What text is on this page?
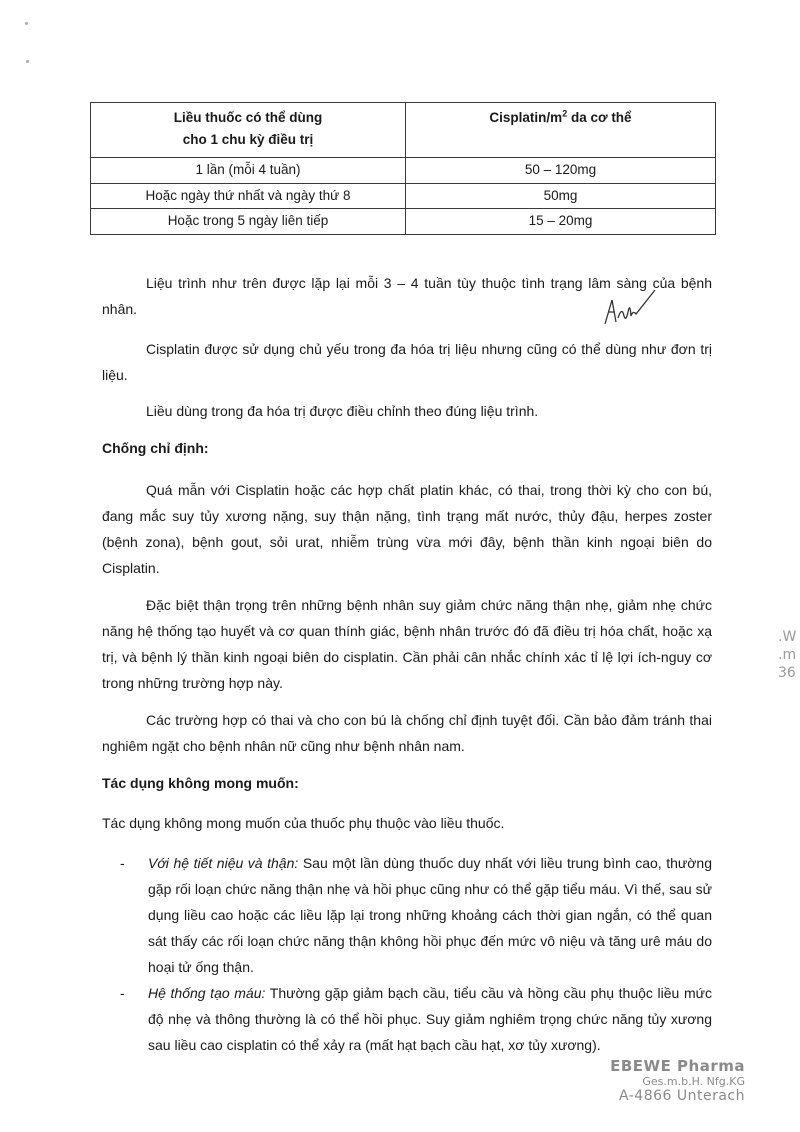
Liều thuốc có thể dùng
cho 1 chu kỳ điều trị	Cisplatin/$m^2$ da cơ thể
1 lần (mỗi 4 tuần)	50 – 120mg
Hoặc ngày thứ nhất và ngày thứ 8	50mg
Hoặc trong 5 ngày liên tiếp	15 – 20mg

Liệu trình như trên được lặp lại mỗi 3 – 4 tuần tùy thuộc tình trạng lâm sàng của bệnh nhân.

Cisplatin được sử dụng chủ yếu trong đa hóa trị liệu nhưng cũng có thể dùng như đơn trị liệu.

Liều dùng trong đa hóa trị được điều chỉnh theo đúng liệu trình.

Chống chỉ định:

Quá mẫn với Cisplatin hoặc các hợp chất platin khác, có thai, trong thời kỳ cho con bú, đang mắc suy tủy xương nặng, suy thận nặng, tình trạng mất nước, thủy đậu, herpes zoster (bệnh zona), bệnh gout, sỏi urat, nhiễm trùng vừa mới đây, bệnh thần kinh ngoại biên do Cisplatin.

Đặc biệt thận trọng trên những bệnh nhân suy giảm chức năng thận nhẹ, giảm nhẹ chức năng hệ thống tạo huyết và cơ quan thính giác, bệnh nhân trước đó đã điều trị hóa chất, hoặc xạ trị, và bệnh lý thần kinh ngoại biên do cisplatin. Cần phải cân nhắc chính xác tỉ lệ lợi ích-nguy cơ trong những trường hợp này.

Các trường hợp có thai và cho con bú là chống chỉ định tuyệt đối. Cần bảo đảm tránh thai nghiêm ngặt cho bệnh nhân nữ cũng như bệnh nhân nam.

Tác dụng không mong muốn:

Tác dụng không mong muốn của thuốc phụ thuộc vào liều thuốc.

- Với hệ tiết niệu và thận: Sau một lần dùng thuốc duy nhất với liều trung bình cao, thường gặp rối loạn chức năng thận nhẹ và hồi phục cũng như có thể gặp tiểu máu. Vì thế, sau sử dụng liều cao hoặc các liều lặp lại trong những khoảng cách thời gian ngắn, có thể quan sát thấy các rối loạn chức năng thận không hồi phục đến mức vô niệu và tăng urê máu do hoại tử ống thận.
- Hệ thống tạo máu: Thường gặp giảm bạch cầu, tiểu cầu và hồng cầu phụ thuộc liều mức độ nhẹ và thông thường là có thể hồi phục. Suy giảm nghiêm trọng chức năng tủy xương sau liều cao cisplatin có thể xảy ra (mất hạt bạch cầu hạt, xơ tủy xương).
.W
.m
36
EBEWE Pharma
Ges.m.b.H. Nfg.KG
A-4866 Unterach
